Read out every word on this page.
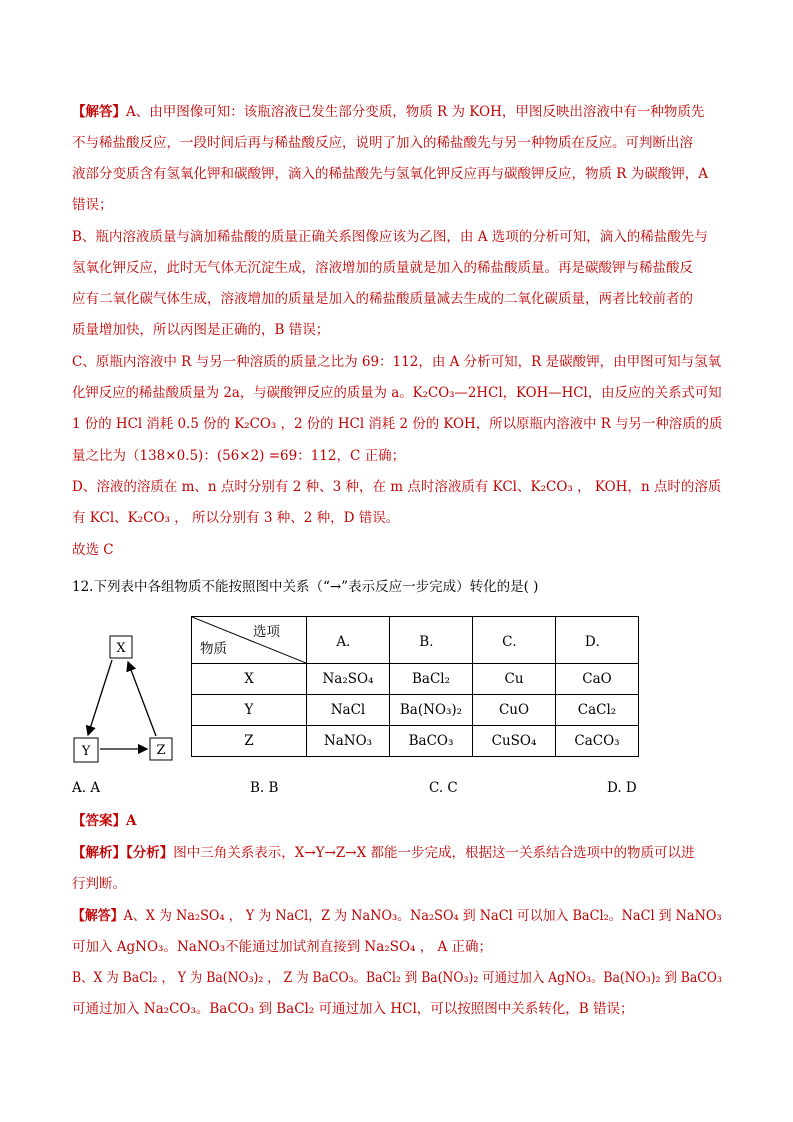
【解答】A、由甲图像可知：该瓶溶液已发生部分变质，物质 R 为 KOH，甲图反映出溶液中有一种物质先
不与稀盐酸反应，一段时间后再与稀盐酸反应，说明了加入的稀盐酸先与另一种物质在反应。可判断出溶
液部分变质含有氢氧化钾和碳酸钾，滴入的稀盐酸先与氢氧化钾反应再与碳酸钾反应，物质 R 为碳酸钾，A
错误；
B、瓶内溶液质量与滴加稀盐酸的质量正确关系图像应该为乙图，由 A 选项的分析可知，滴入的稀盐酸先与
氢氧化钾反应，此时无气体无沉淀生成，溶液增加的质量就是加入的稀盐酸质量。再是碳酸钾与稀盐酸反
应有二氧化碳气体生成，溶液增加的质量是加入的稀盐酸质量减去生成的二氧化碳质量，两者比较前者的
质量增加快，所以丙图是正确的，B 错误；
C、原瓶内溶液中 R 与另一种溶质的质量之比为 69：112，由 A 分析可知，R 是碳酸钾，由甲图可知与氢氧
化钾反应的稀盐酸质量为 2a，与碳酸钾反应的质量为 a。K₂CO₃—2HCl，KOH—HCl，由反应的关系式可知
1 份的 HCl 消耗 0.5 份的 K₂CO₃ ，2 份的 HCl 消耗 2 份的 KOH，所以原瓶内溶液中 R 与另一种溶质的质
量之比为（138×0.5)：(56×2) =69：112，C 正确；
D、溶液的溶质在 m、n 点时分别有 2 种、3 种，在 m 点时溶液质有 KCl、K₂CO₃ ， KOH，n 点时的溶质
有 KCl、K₂CO₃ ， 所以分别有 3 种、2 种，D 错误。
故选 C
12.下列表中各组物质不能按照图中关系（“→”表示反应一步完成）转化的是( )
X
Y	Z
选项
物质	A．	B．	C．	D．
X	Na₂SO₄	BaCl₂	Cu	CaO
Y	NaCl	Ba(NO₃)₂	CuO	CaCl₂
Z	NaNO₃	BaCO₃	CuSO₄	CaCO₃
A. A	B. B	C. C	D. D
【答案】A
【解析】【分析】图中三角关系表示，X→Y→Z→X 都能一步完成，根据这一关系结合选项中的物质可以进
行判断。
【解答】A、X 为 Na₂SO₄ ， Y 为 NaCl，Z 为 NaNO₃。Na₂SO₄ 到 NaCl 可以加入 BaCl₂。NaCl 到 NaNO₃
可加入 AgNO₃。NaNO₃不能通过加试剂直接到 Na₂SO₄ ， A 正确；
B、X 为 BaCl₂ ， Y 为 Ba(NO₃)₂ ， Z 为 BaCO₃。BaCl₂ 到 Ba(NO₃)₂ 可通过加入 AgNO₃。Ba(NO₃)₂ 到 BaCO₃
可通过加入 Na₂CO₃。BaCO₃ 到 BaCl₂ 可通过加入 HCl，可以按照图中关系转化，B 错误；
